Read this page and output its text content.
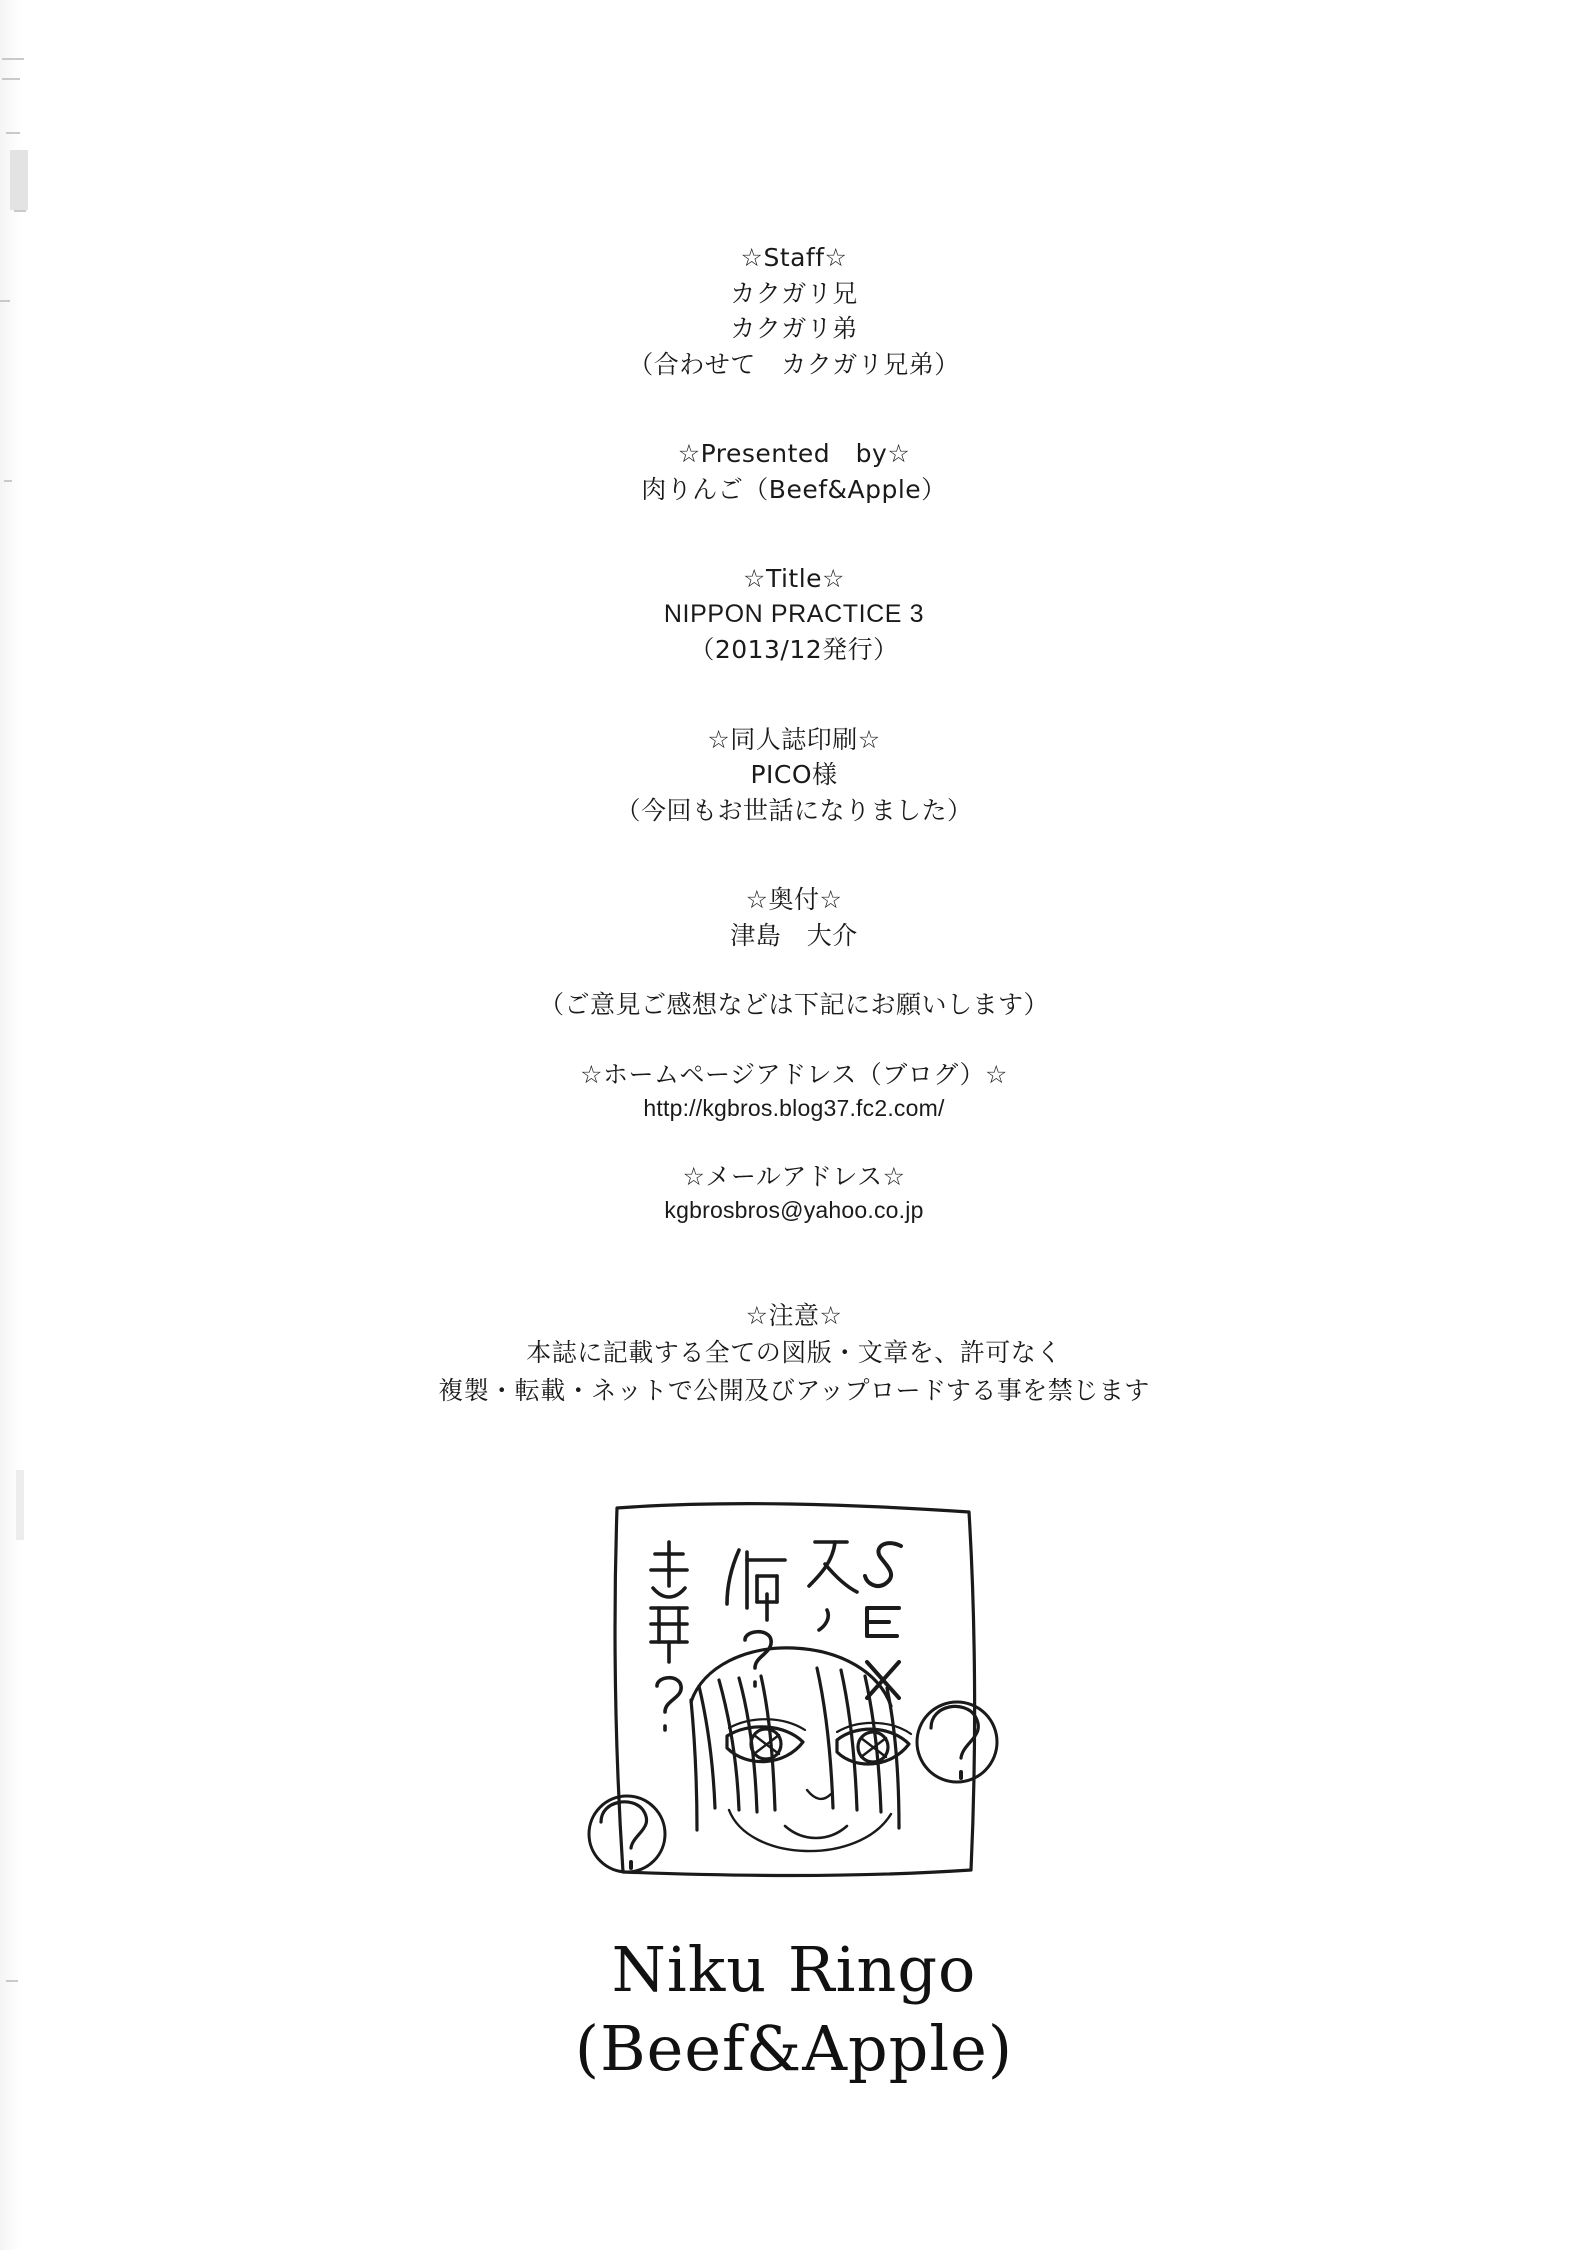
☆Staff☆
カクガリ兄
カクガリ弟
（合わせて　カクガリ兄弟）
☆Presented　by☆
肉りんご（Beef&Apple）
☆Title☆
NIPPON PRACTICE 3
（2013/12発行）
☆同人誌印刷☆
PICO様
（今回もお世話になりました）
☆奥付☆
津島　大介
（ご意見ご感想などは下記にお願いします）
☆ホームページアドレス（ブログ）☆
http://kgbros.blog37.fc2.com/
☆メールアドレス☆
kgbrosbros@yahoo.co.jp
☆注意☆
本誌に記載する全ての図版・文章を、許可なく
複製・転載・ネットで公開及びアップロードする事を禁じます
Niku Ringo
(Beef&Apple)
